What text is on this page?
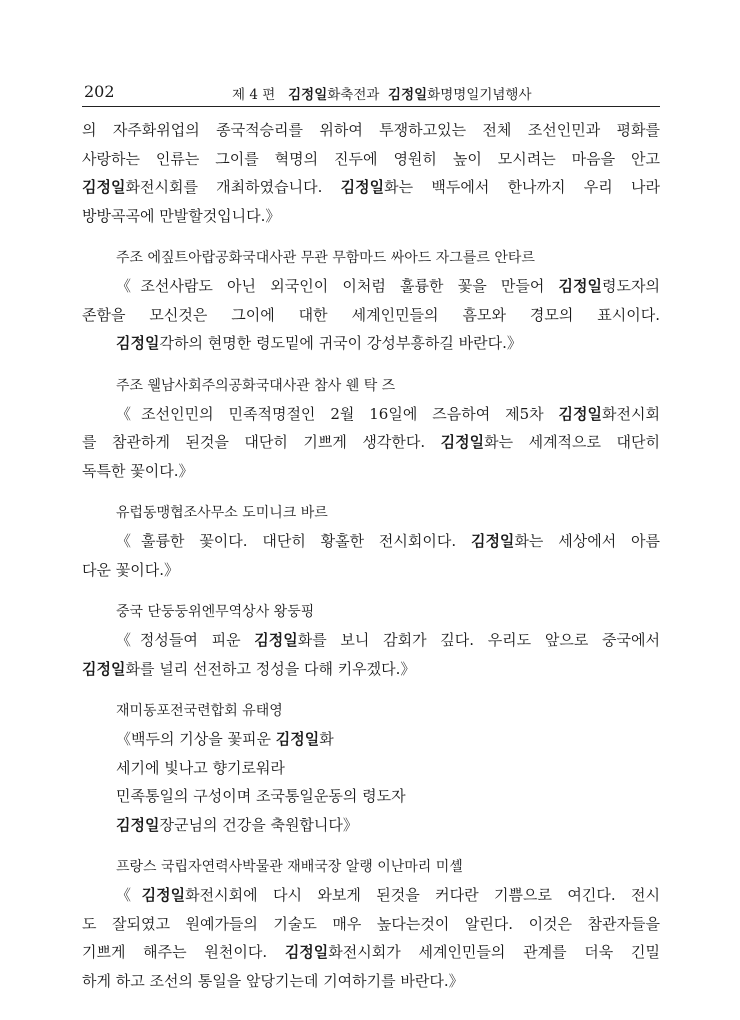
202	제 4 편 김정일화축전과 김정일화명명일기념행사
의 자주화위업의 종국적승리를 위하여 투쟁하고있는 전체 조선인민과 평화를
사랑하는 인류는 그이를 혁명의 진두에 영원히 높이 모시려는 마음을 안고
김정일화전시회를 개최하였습니다. 김정일화는 백두에서 한나까지 우리 나라
방방곡곡에 만발할것입니다.》
주조 에짚트아랍공화국대사관 무관 무함마드 싸아드 자그를르 안타르
《조선사람도 아닌 외국인이 이처럼 훌륭한 꽃을 만들어 김정일령도자의
존함을 모신것은 그이에 대한 세계인민들의 흠모와 경모의 표시이다.
김정일각하의 현명한 령도밑에 귀국이 강성부흥하길 바란다.》
주조 웰남사회주의공화국대사관 참사 웬 탁 즈
《조선인민의 민족적명절인 2월 16일에 즈음하여 제5차 김정일화전시회
를 참관하게 된것을 대단히 기쁘게 생각한다. 김정일화는 세계적으로 대단히
독특한 꽃이다.》
유럽동맹협조사무소 도미니크 바르
《훌륭한 꽃이다. 대단히 황홀한 전시회이다. 김정일화는 세상에서 아름
다운 꽃이다.》
중국 단둥둥위엔무역상사 왕둥핑
《정성들여 피운 김정일화를 보니 감회가 깊다. 우리도 앞으로 중국에서
김정일화를 널리 선전하고 정성을 다해 키우겠다.》
재미동포전국련합회 유태영
《백두의 기상을 꽃피운 김정일화
세기에 빛나고 향기로워라
민족통일의 구성이며 조국통일운동의 령도자
김정일장군님의 건강을 축원합니다》
프랑스 국립자연력사박물관 재배국장 알랭 이난마리 미셸
《김정일화전시회에 다시 와보게 된것을 커다란 기쁨으로 여긴다. 전시
도 잘되였고 원예가들의 기술도 매우 높다는것이 알린다. 이것은 참관자들을
기쁘게 해주는 원천이다. 김정일화전시회가 세계인민들의 관계를 더욱 긴밀
하게 하고 조선의 통일을 앞당기는데 기여하기를 바란다.》
